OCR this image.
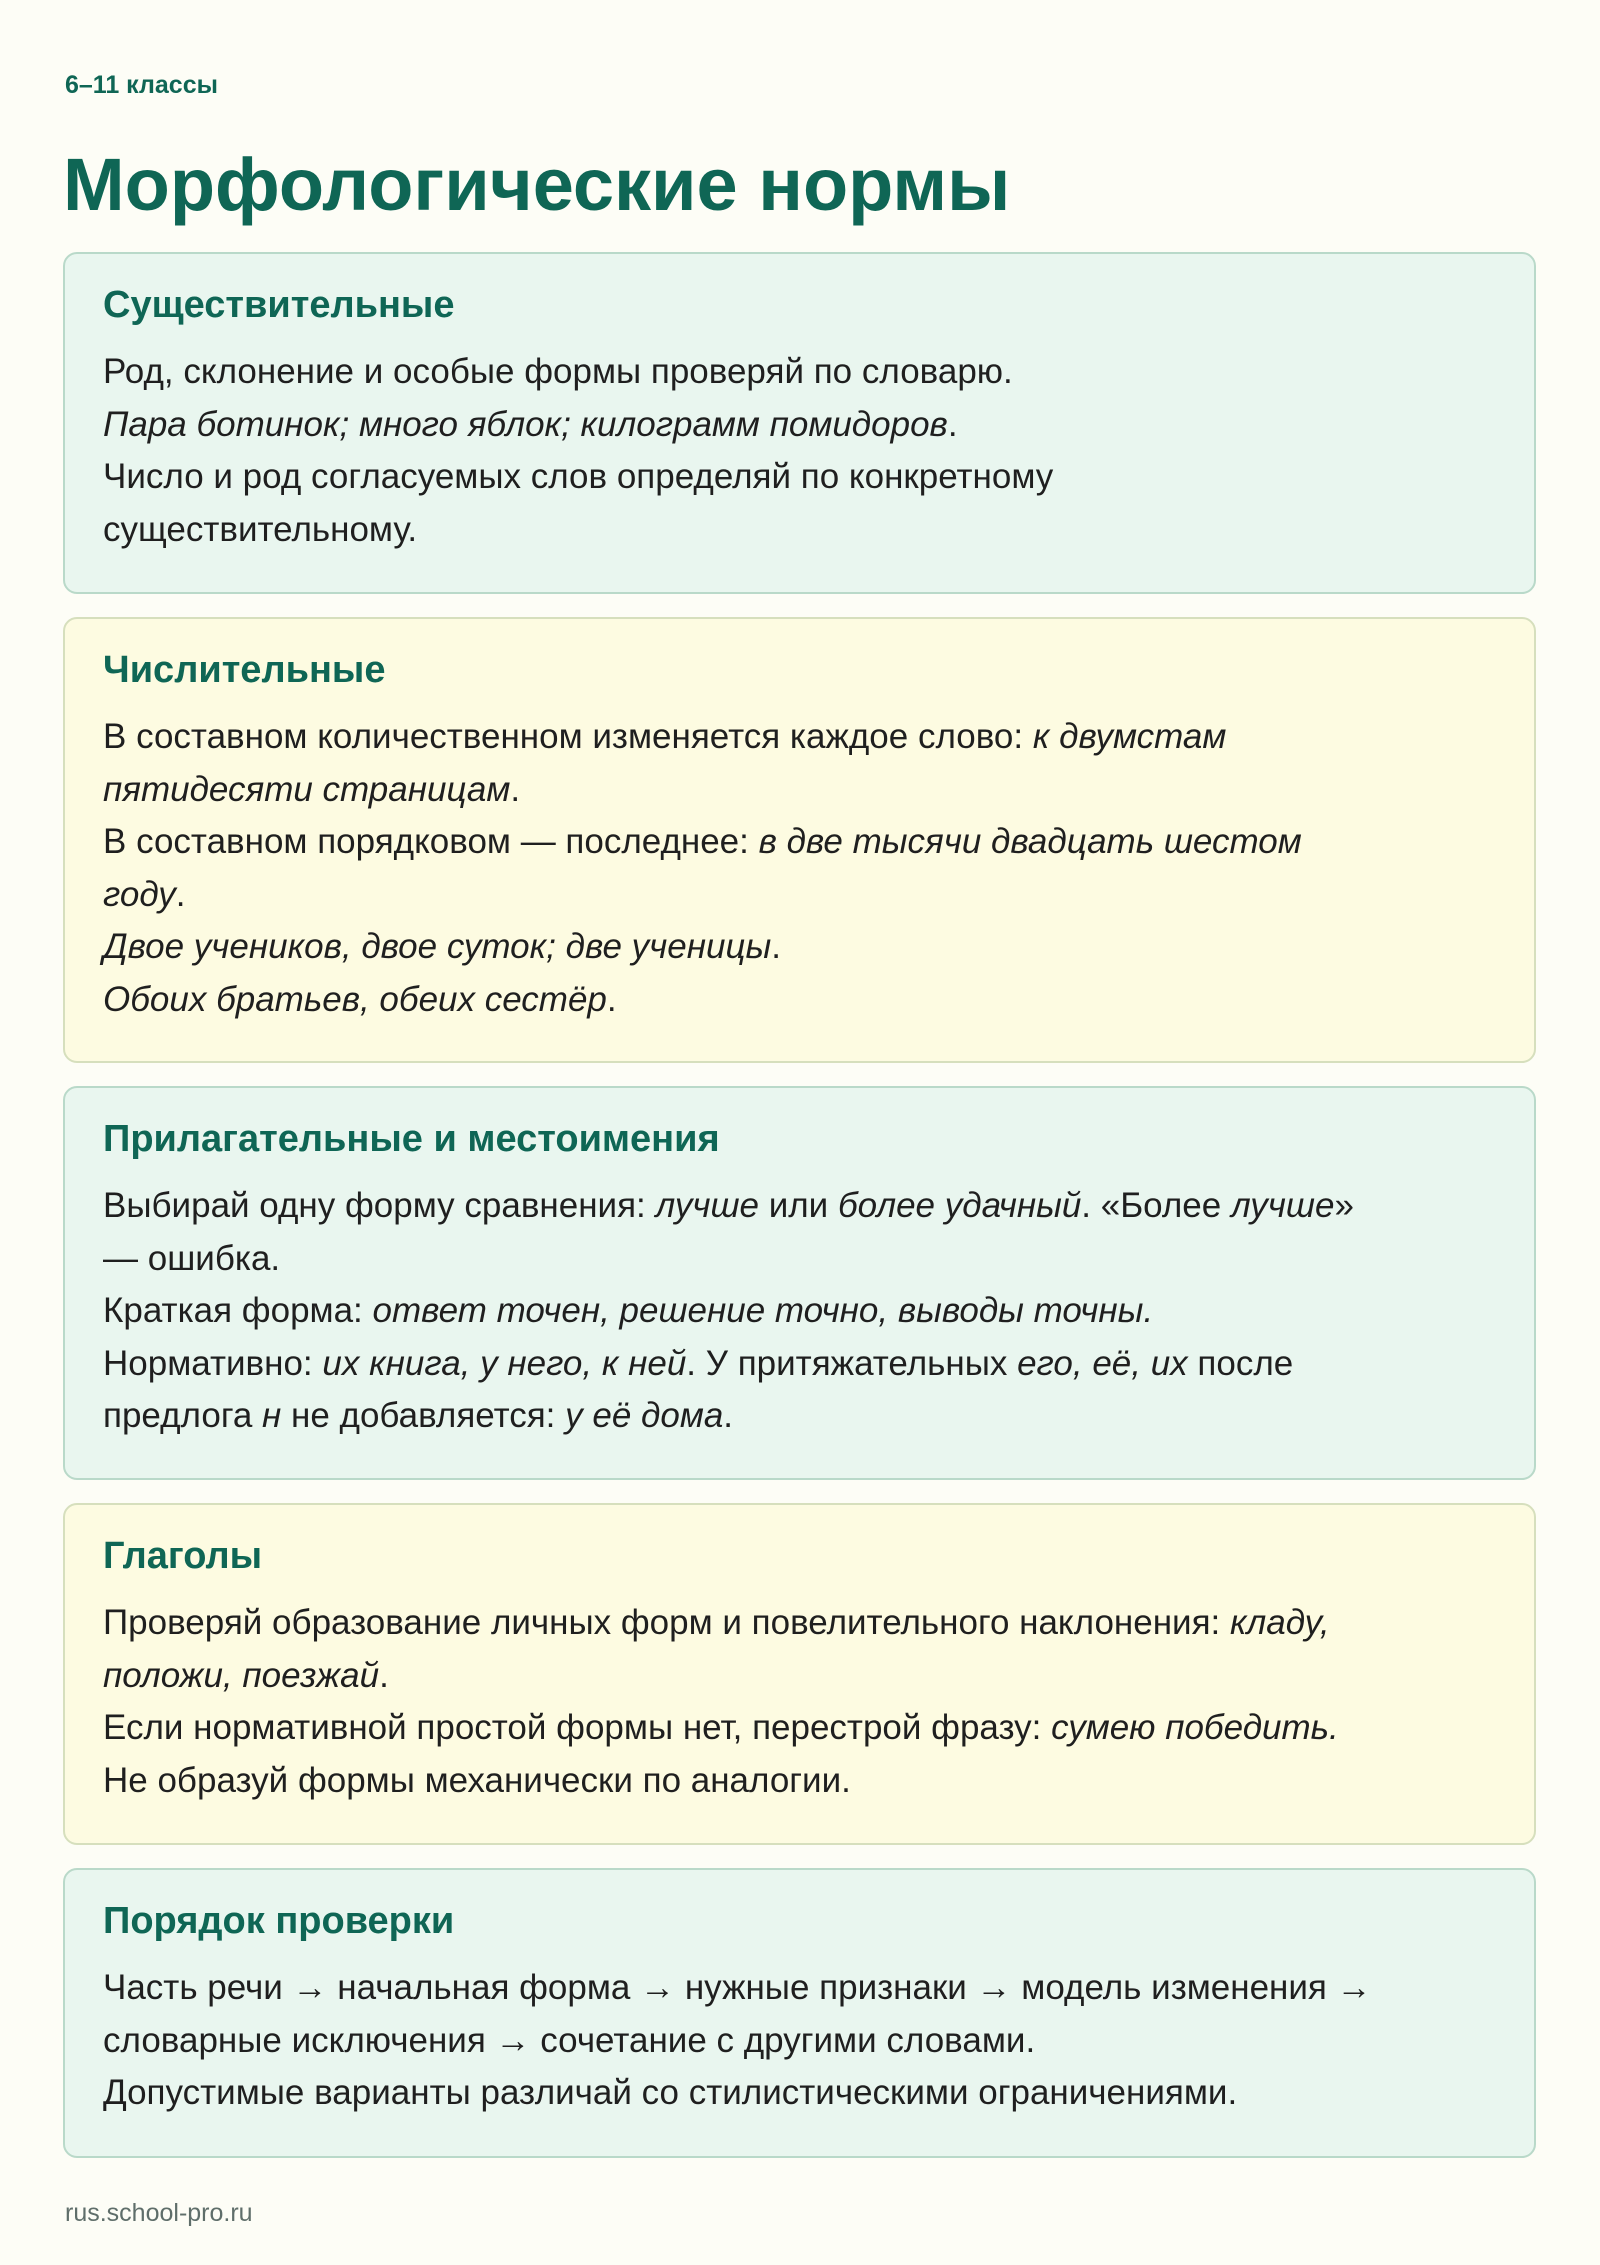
6–11 классы
Морфологические нормы
Существительные

Род, склонение и особые формы проверяй по словарю.
Пара ботинок; много яблок; килограмм помидоров.
Число и род согласуемых слов определяй по конкретному
существительному.

Числительные

В составном количественном изменяется каждое слово: к двумстам
пятидесяти страницам.
В составном порядковом — последнее: в две тысячи двадцать шестом
году.
Двое учеников, двое суток; две ученицы.
Обоих братьев, обеих сестёр.

Прилагательные и местоимения

Выбирай одну форму сравнения: лучше или более удачный. «Более лучше»
— ошибка.
Краткая форма: ответ точен, решение точно, выводы точны.
Нормативно: их книга, у него, к ней. У притяжательных его, её, их после
предлога н не добавляется: у её дома.

Глаголы

Проверяй образование личных форм и повелительного наклонения: кладу,
положи, поезжай.
Если нормативной простой формы нет, перестрой фразу: сумею победить.
Не образуй формы механически по аналогии.

Порядок проверки

Часть речи → начальная форма → нужные признаки → модель изменения →
словарные исключения → сочетание с другими словами.
Допустимые варианты различай со стилистическими ограничениями.

rus.school-pro.ru
